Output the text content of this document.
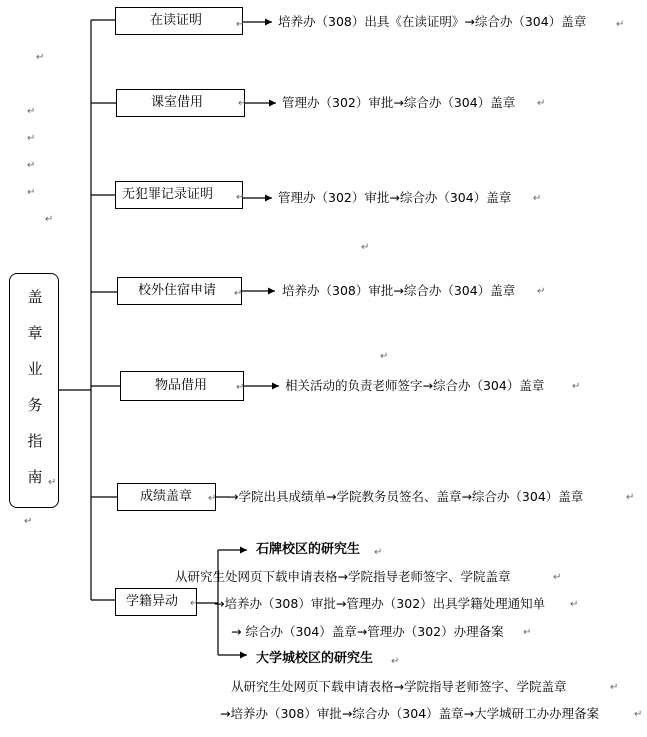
盖
章
业
务
指
南
在读证明
课室借用
无犯罪记录证明
校外住宿申请
物品借用
成绩盖章
学籍异动
培养办（308）出具《在读证明》→综合办（304）盖章
管理办（302）审批→综合办（304）盖章
管理办（302）审批→综合办（304）盖章
培养办（308）审批→综合办（304）盖章
相关活动的负责老师签字→综合办（304）盖章
→学院出具成绩单→学院教务员签名、盖章→综合办（304）盖章
石牌校区的研究生
从研究生处网页下载申请表格→学院指导老师签字、学院盖章
→培养办（308）审批→管理办（302）出具学籍处理通知单
→ 综合办（304）盖章→管理办（302）办理备案
大学城校区的研究生
从研究生处网页下载申请表格→学院指导老师签字、学院盖章
→培养办（308）审批→综合办（304）盖章→大学城研工办办理备案
↵
↵
↵
↵
↵
↵
↵
↵
↵
↵
↵
↵
↵
↵
↵
↵
↵
↵
↵
↵
↵
↵
↵
↵
↵
↵
↵
↵
↵
↵
